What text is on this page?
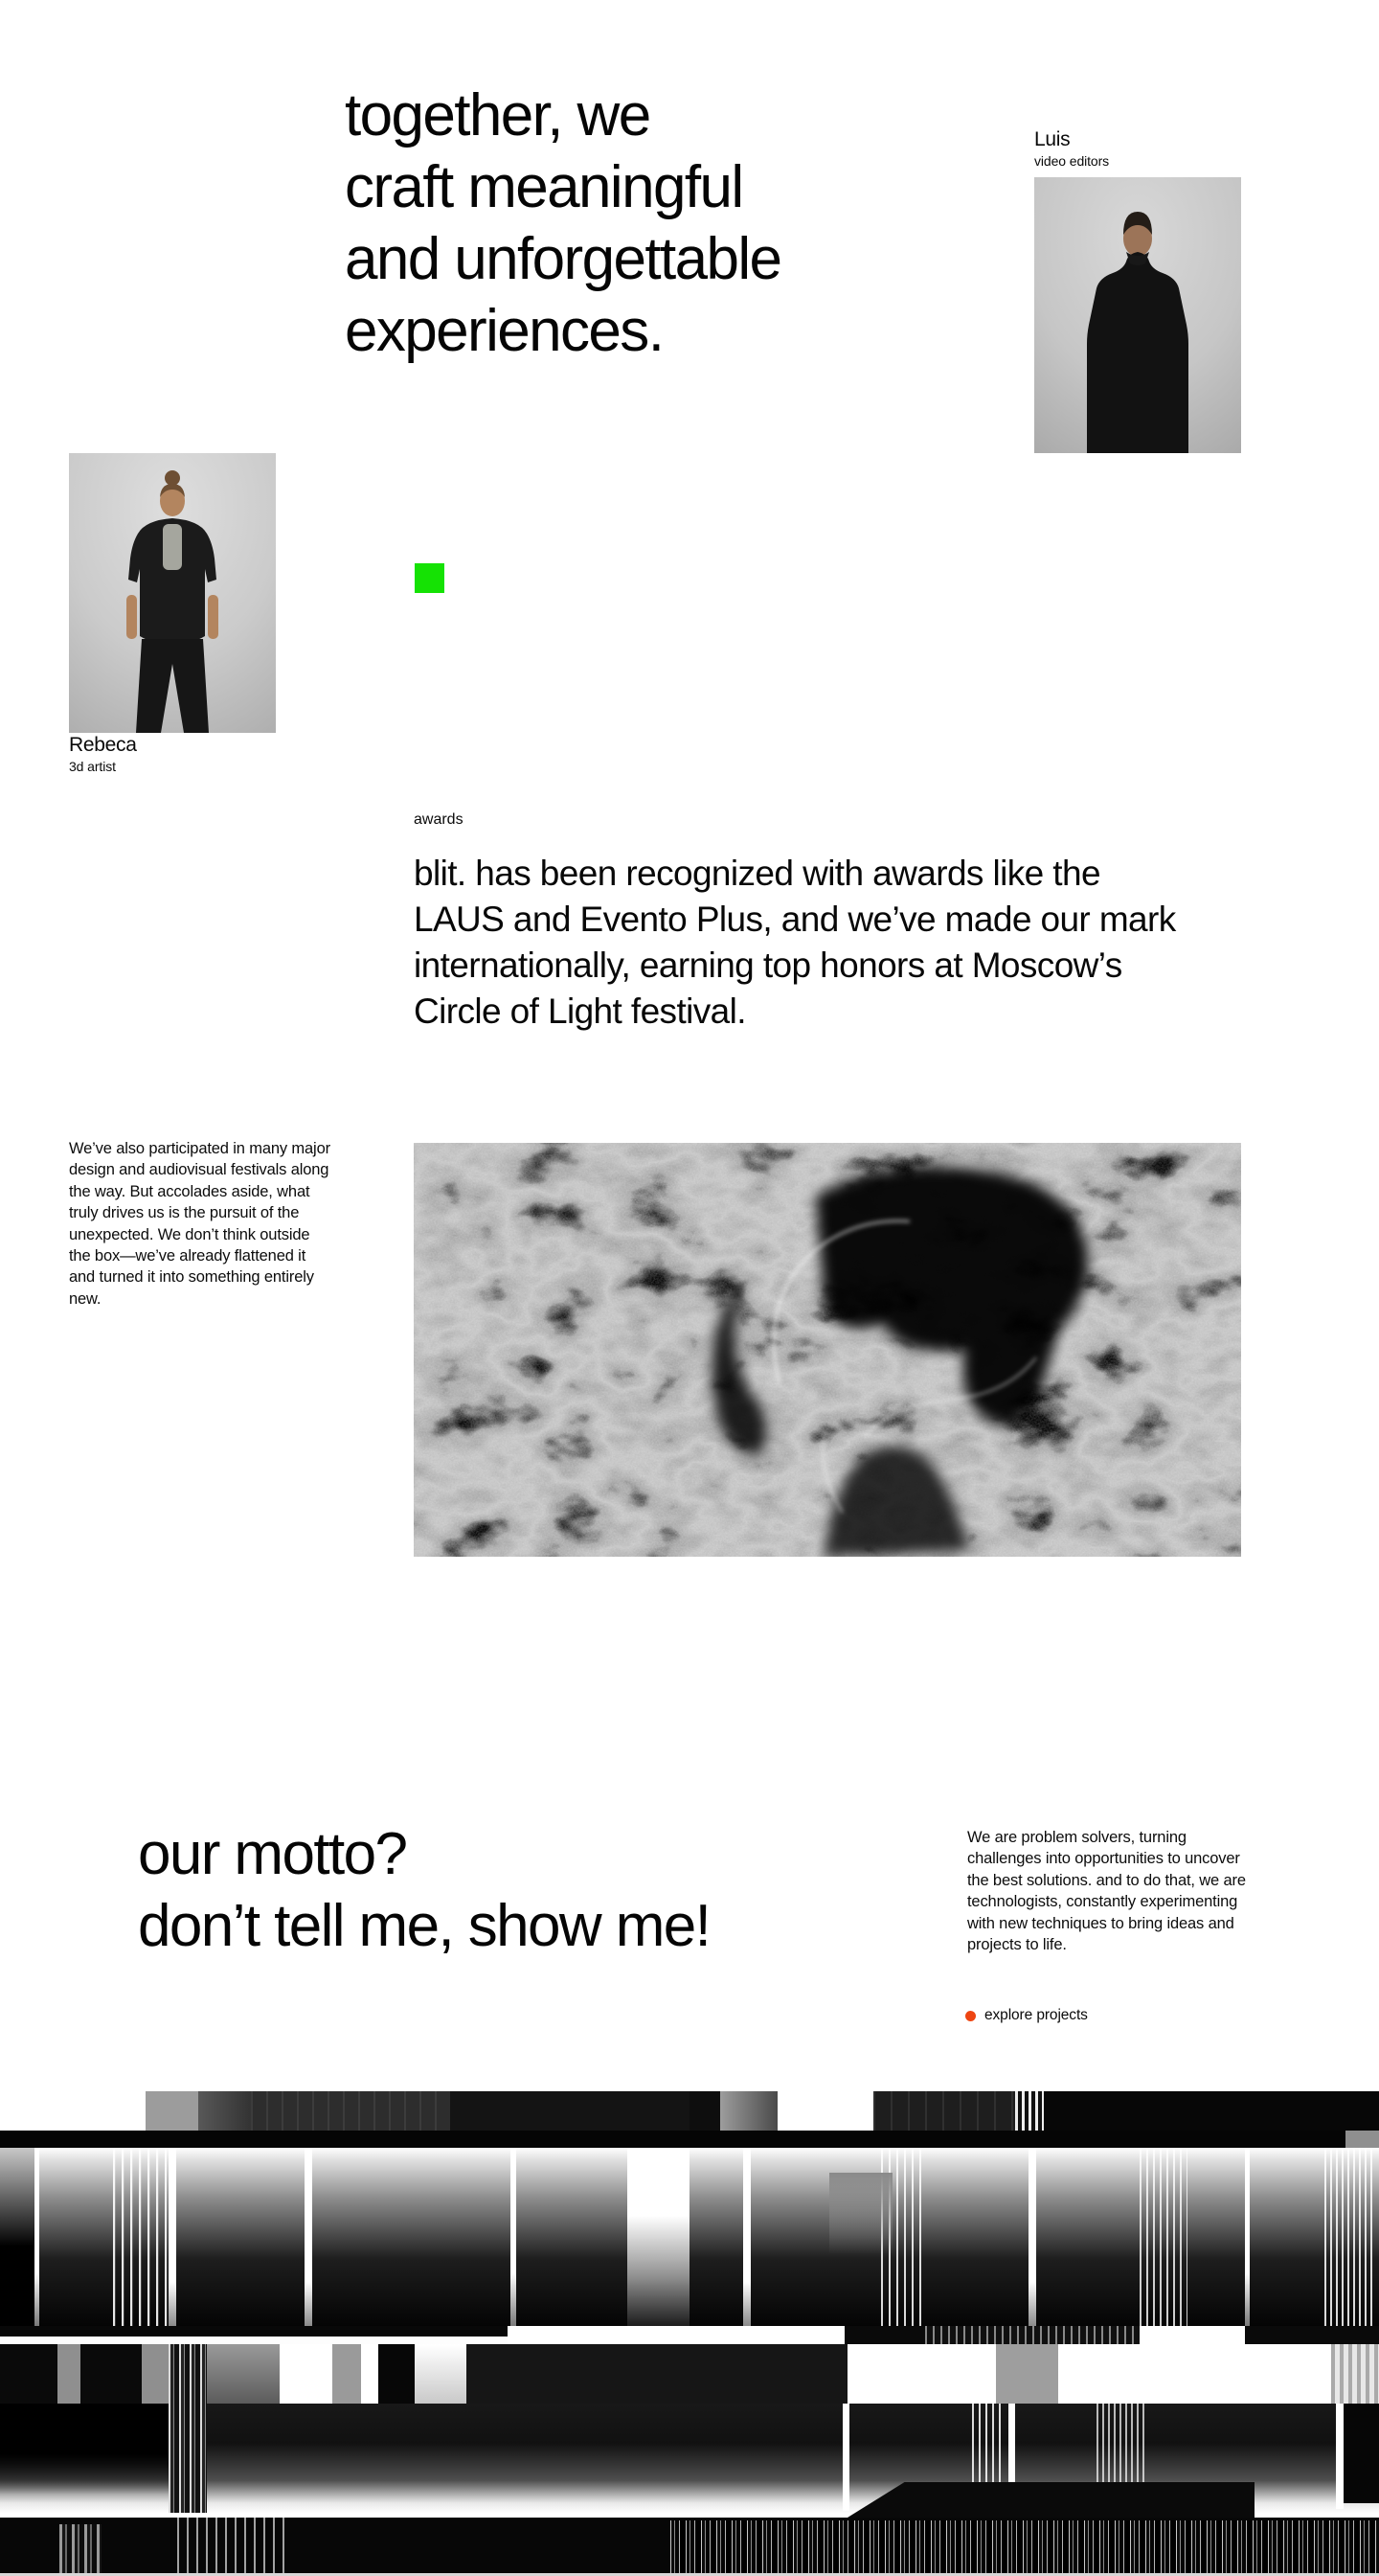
together, we
craft meaningful
and unforgettable
experiences.
Luis
video editors
Rebeca
3d artist
awards

blit. has been recognized with awards like the LAUS and Evento Plus, and we’ve made our mark internationally, earning top honors at Moscow’s Circle of Light festival.

We’ve also participated in many major design and audiovisual festivals along the way. But accolades aside, what truly drives us is the pursuit of the unexpected. We don’t think outside the box—we’ve already flattened it and turned it into something entirely new.

our motto?
don’t tell me, show me!

We are problem solvers, turning challenges into opportunities to uncover the best solutions. and to do that, we are technologists, constantly experimenting with new techniques to bring ideas and projects to life.

explore projects
